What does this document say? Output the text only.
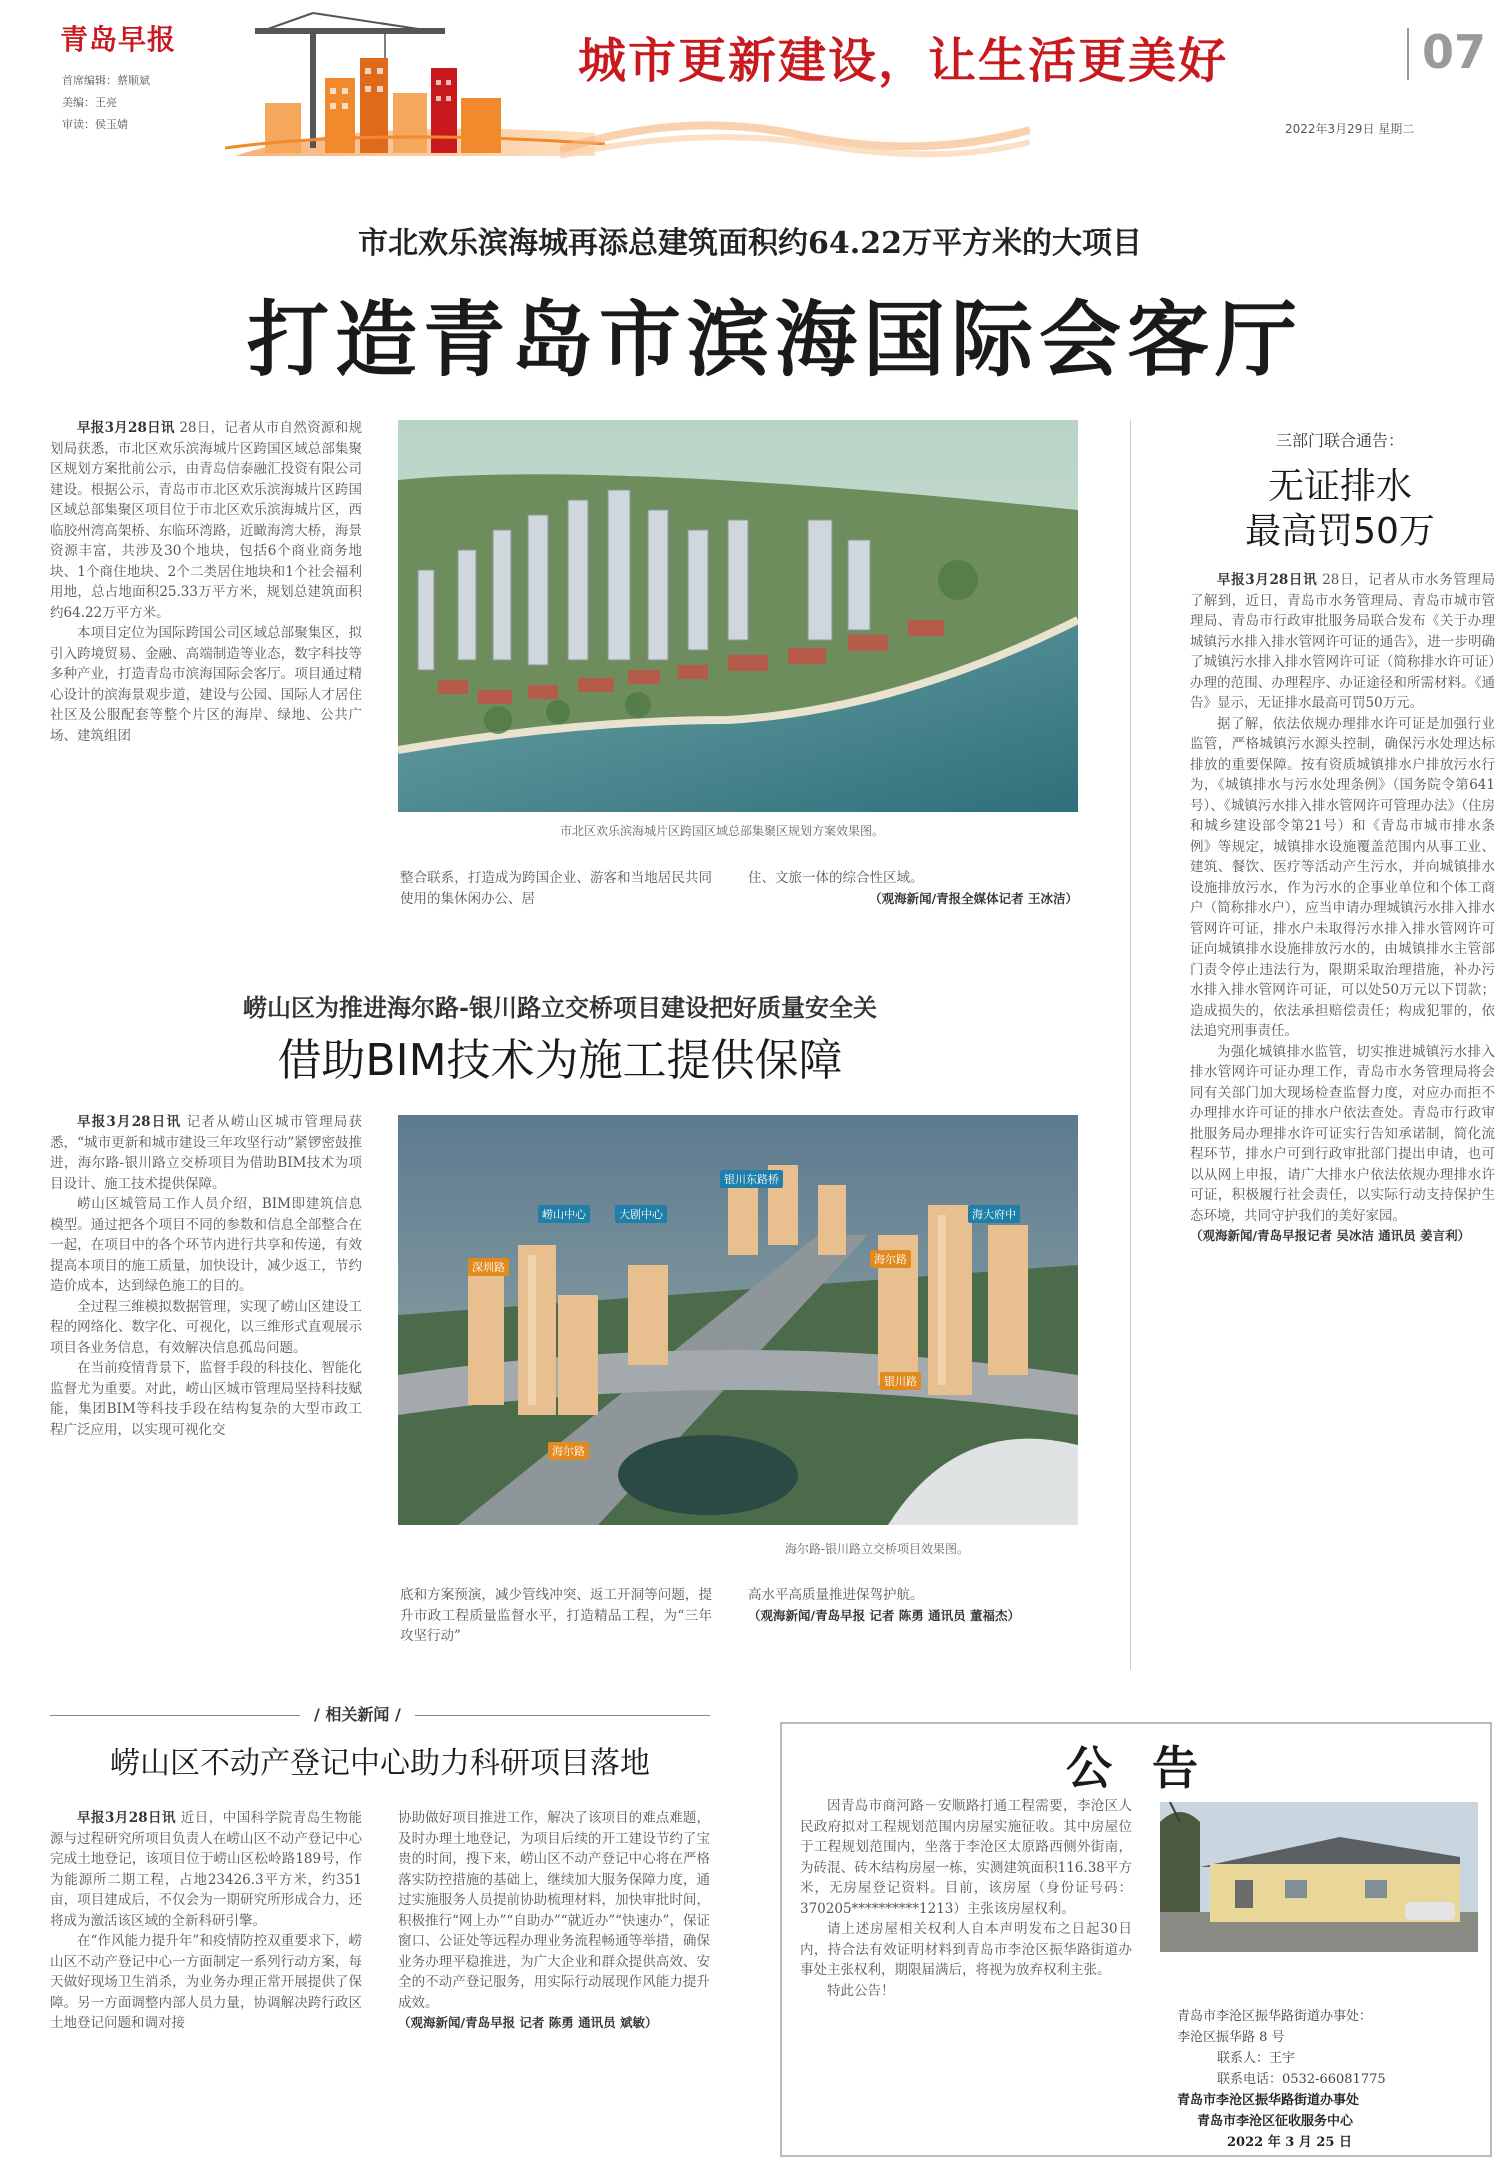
青岛早报
首席编辑：蔡顺斌
美编：王亮
审读：侯玉婧
城市更新建设，让生活更美好	07
2022年3月29日 星期二
市北欢乐滨海城再添总建筑面积约64.22万平方米的大项目
打造青岛市滨海国际会客厅

早报3月28日讯 28日，记者从市自然资源和规划局获悉，市北区欢乐滨海城片区跨国区域总部集聚区规划方案批前公示，由青岛信泰融汇投资有限公司建设。根据公示，青岛市市北区欢乐滨海城片区跨国区域总部集聚区项目位于市北区欢乐滨海城片区，西临胶州湾高架桥、东临环湾路，近瞰海湾大桥，海景资源丰富，共涉及30个地块，包括6个商业商务地块、1个商住地块、2个二类居住地块和1个社会福利用地，总占地面积25.33万平方米，规划总建筑面积约64.22万平方米。

本项目定位为国际跨国公司区域总部聚集区，拟引入跨境贸易、金融、高端制造等业态，数字科技等多种产业，打造青岛市滨海国际会客厅。项目通过精心设计的滨海景观步道，建设与公园、国际人才居住社区及公服配套等整个片区的海岸、绿地、公共广场、建筑组团

市北区欢乐滨海城片区跨国区域总部集聚区规划方案效果图。
整合联系，打造成为跨国企业、游客和当地居民共同使用的集休闲办公、居
住、文旅一体的综合性区域。
（观海新闻/青报全媒体记者 王冰洁）
崂山区为推进海尔路-银川路立交桥项目建设把好质量安全关
借助BIM技术为施工提供保障

早报3月28日讯 记者从崂山区城市管理局获悉，“城市更新和城市建设三年攻坚行动”紧锣密鼓推进，海尔路-银川路立交桥项目为借助BIM技术为项目设计、施工技术提供保障。

崂山区城管局工作人员介绍，BIM即建筑信息模型。通过把各个项目不同的参数和信息全部整合在一起，在项目中的各个环节内进行共享和传递，有效提高本项目的施工质量，加快设计，减少返工，节约造价成本，达到绿色施工的目的。

全过程三维模拟数据管理，实现了崂山区建设工程的网络化、数字化、可视化，以三维形式直观展示项目各业务信息，有效解决信息孤岛问题。

在当前疫情背景下，监督手段的科技化、智能化监督尤为重要。对此，崂山区城市管理局坚持科技赋能，集团BIM等科技手段在结构复杂的大型市政工程广泛应用，以实现可视化交

崂山中心	大剧中心
银川东路桥
海大府中
深圳路
海尔路
银川路
海尔路
海尔路-银川路立交桥项目效果图。
底和方案预演，减少管线冲突、返工开洞等问题，提升市政工程质量监督水平，打造精品工程，为“三年攻坚行动”
高水平高质量推进保驾护航。
（观海新闻/青岛早报 记者 陈勇 通讯员 董福杰）
/ 相关新闻 /
崂山区不动产登记中心助力科研项目落地

早报3月28日讯 近日，中国科学院青岛生物能源与过程研究所项目负责人在崂山区不动产登记中心完成土地登记，该项目位于崂山区松岭路189号，作为能源所二期工程，占地23426.3平方米，约351亩，项目建成后，不仅会为一期研究所形成合力，还将成为激活该区域的全新科研引擎。

在“作风能力提升年”和疫情防控双重要求下，崂山区不动产登记中心一方面制定一系列行动方案，每天做好现场卫生消杀，为业务办理正常开展提供了保障。另一方面调整内部人员力量，协调解决跨行政区土地登记问题和调对接

协助做好项目推进工作，解决了该项目的难点难题，及时办理土地登记，为项目后续的开工建设节约了宝贵的时间，搜下来，崂山区不动产登记中心将在严格落实防控措施的基础上，继续加大服务保障力度，通过实施服务人员提前协助梳理材料，加快审批时间，积极推行“网上办”“自助办”“就近办”“快速办”，保证窗口、公证处等远程办理业务流程畅通等举措，确保业务办理平稳推进，为广大企业和群众提供高效、安全的不动产登记服务，用实际行动展现作风能力提升成效。
（观海新闻/青岛早报 记者 陈勇 通讯员 斌敏）
三部门联合通告：
无证排水
最高罚50万

早报3月28日讯 28日，记者从市水务管理局了解到，近日，青岛市水务管理局、青岛市城市管理局、青岛市行政审批服务局联合发布《关于办理城镇污水排入排水管网许可证的通告》，进一步明确了城镇污水排入排水管网许可证（简称排水许可证）办理的范围、办理程序、办证途径和所需材料。《通告》显示，无证排水最高可罚50万元。

据了解，依法依规办理排水许可证是加强行业监管，严格城镇污水源头控制，确保污水处理达标排放的重要保障。按有资质城镇排水户排放污水行为，《城镇排水与污水处理条例》（国务院令第641号）、《城镇污水排入排水管网许可管理办法》（住房和城乡建设部令第21号）和《青岛市城市排水条例》等规定，城镇排水设施覆盖范围内从事工业、建筑、餐饮、医疗等活动产生污水，并向城镇排水设施排放污水，作为污水的企事业单位和个体工商户（简称排水户），应当申请办理城镇污水排入排水管网许可证，排水户未取得污水排入排水管网许可证向城镇排水设施排放污水的，由城镇排水主管部门责令停止违法行为，限期采取治理措施，补办污水排入排水管网许可证，可以处50万元以下罚款；造成损失的，依法承担赔偿责任；构成犯罪的，依法追究刑事责任。

为强化城镇排水监管，切实推进城镇污水排入排水管网许可证办理工作，青岛市水务管理局将会同有关部门加大现场检查监督力度，对应办而拒不办理排水许可证的排水户依法查处。青岛市行政审批服务局办理排水许可证实行告知承诺制，简化流程环节，排水户可到行政审批部门提出申请，也可以从网上申报，请广大排水户依法依规办理排水许可证，积极履行社会责任，以实际行动支持保护生态环境，共同守护我们的美好家园。

（观海新闻/青岛早报记者 吴冰洁 通讯员 姜言利）
公 告

因青岛市商河路－安顺路打通工程需要，李沧区人民政府拟对工程规划范围内房屋实施征收。其中房屋位于工程规划范围内，坐落于李沧区太原路西侧外街南，为砖混、砖木结构房屋一栋，实测建筑面积116.38平方米，无房屋登记资料。目前，该房屋（身份证号码：370205**********1213）主张该房屋权利。

请上述房屋相关权利人自本声明发布之日起30日内，持合法有效证明材料到青岛市李沧区振华路街道办事处主张权利，期限届满后，将视为放弃权利主张。

特此公告！

青岛市李沧区振华路街道办事处：
李沧区振华路 8 号
联系人：王宇
联系电话：0532-66081775
青岛市李沧区振华路街道办事处
青岛市李沧区征收服务中心
2022 年 3 月 25 日
